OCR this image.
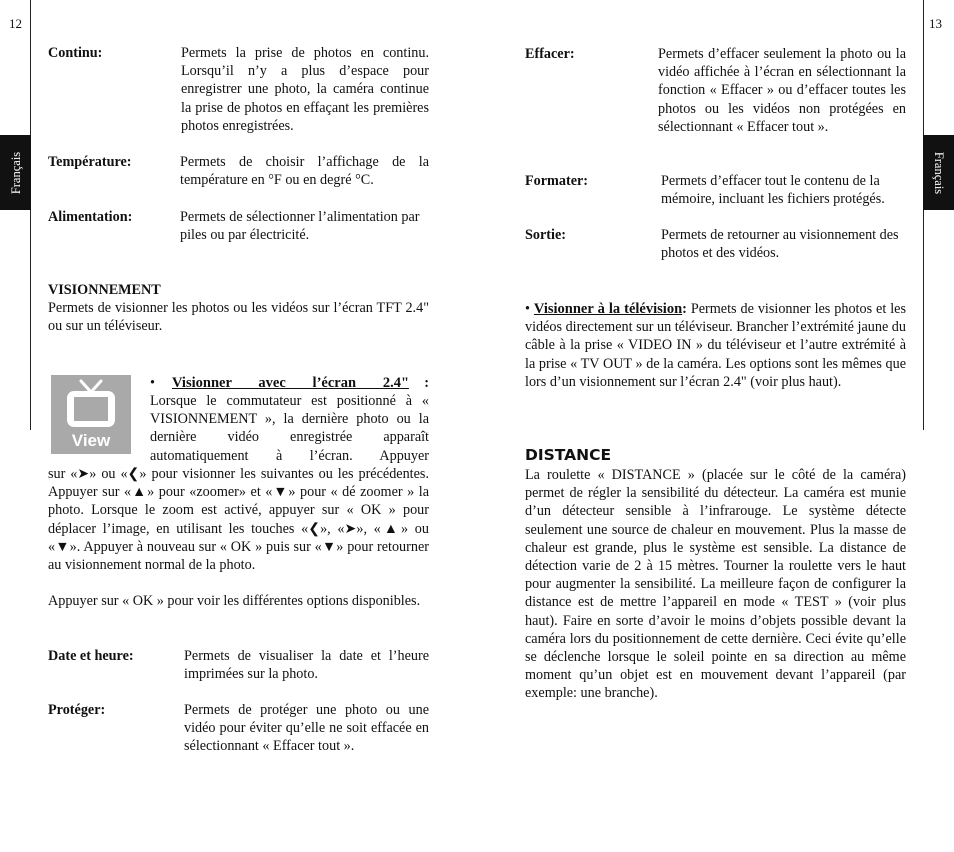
12
Français
13
Français
Continu:	Permets la prise de photos en continu. Lorsqu’il n’y a plus d’espace pour enregistrer une photo, la caméra continue la prise de photos en effaçant les premières photos enregistrées.
Température:	Permets de choisir l’affichage de la température en °F ou en degré °C.
Alimentation:	Permets de sélectionner l’alimentation par piles ou par électricité.
VISIONNEMENT
Permets de visionner les photos ou les vidéos sur l’écran TFT 2.4" ou sur un téléviseur.
View
• Visionner avec l’écran 2.4" :
Lorsque le commutateur est positionné à « VISIONNEMENT », la dernière photo ou la dernière vidéo enregistrée apparaît automatiquement à l’écran. Appuyer
sur «➤» ou «❮» pour visionner les suivantes ou les précédentes. Appuyer sur «▲» pour «zoomer» et «▼» pour « dé zoomer » la photo. Lorsque le zoom est activé, appuyer sur « OK » pour déplacer l’image, en utilisant les touches «❮», «➤», «▲» ou «▼». Appuyer à nouveau sur « OK » puis sur «▼» pour retourner au visionnement normal de la photo.
Appuyer sur « OK » pour voir les différentes options disponibles.
Date et heure:	Permets de visualiser la date et l’heure imprimées sur la photo.
Protéger:	Permets de protéger une photo ou une vidéo pour éviter qu’elle ne soit effacée en sélectionnant « Effacer tout ».
Effacer:	Permets d’effacer seulement la photo ou la vidéo affichée à l’écran en sélectionnant la fonction « Effacer » ou d’effacer toutes les photos ou les vidéos non protégées en sélectionnant « Effacer tout ».
Formater:	Permets d’effacer tout le contenu de la mémoire, incluant les fichiers protégés.
Sortie:	Permets de retourner au visionnement des photos et des vidéos.
• Visionner à la télévision: Permets de visionner les photos et les vidéos directement sur un téléviseur. Brancher l’extrémité jaune du câble à la prise « VIDEO IN » du téléviseur et l’autre extrémité à la prise « TV OUT » de la caméra. Les options sont les mêmes que lors d’un visionnement sur l’écran 2.4" (voir plus haut).
DISTANCE
La roulette « DISTANCE » (placée sur le côté de la caméra) permet de régler la sensibilité du détecteur. La caméra est munie d’un détecteur sensible à l’infrarouge. Le système détecte seulement une source de chaleur en mouvement. Plus la masse de chaleur est grande, plus le système est sensible. La distance de détection varie de 2 à 15 mètres. Tourner la roulette vers le haut pour augmenter la sensibilité. La meilleure façon de configurer la distance est de mettre l’appareil en mode « TEST » (voir plus haut). Faire en sorte d’avoir le moins d’objets possible devant la caméra lors du positionnement de cette dernière. Ceci évite qu’elle se déclenche lorsque le soleil pointe en sa direction au même moment qu’un objet est en mouvement devant l’appareil (par exemple: une branche).
